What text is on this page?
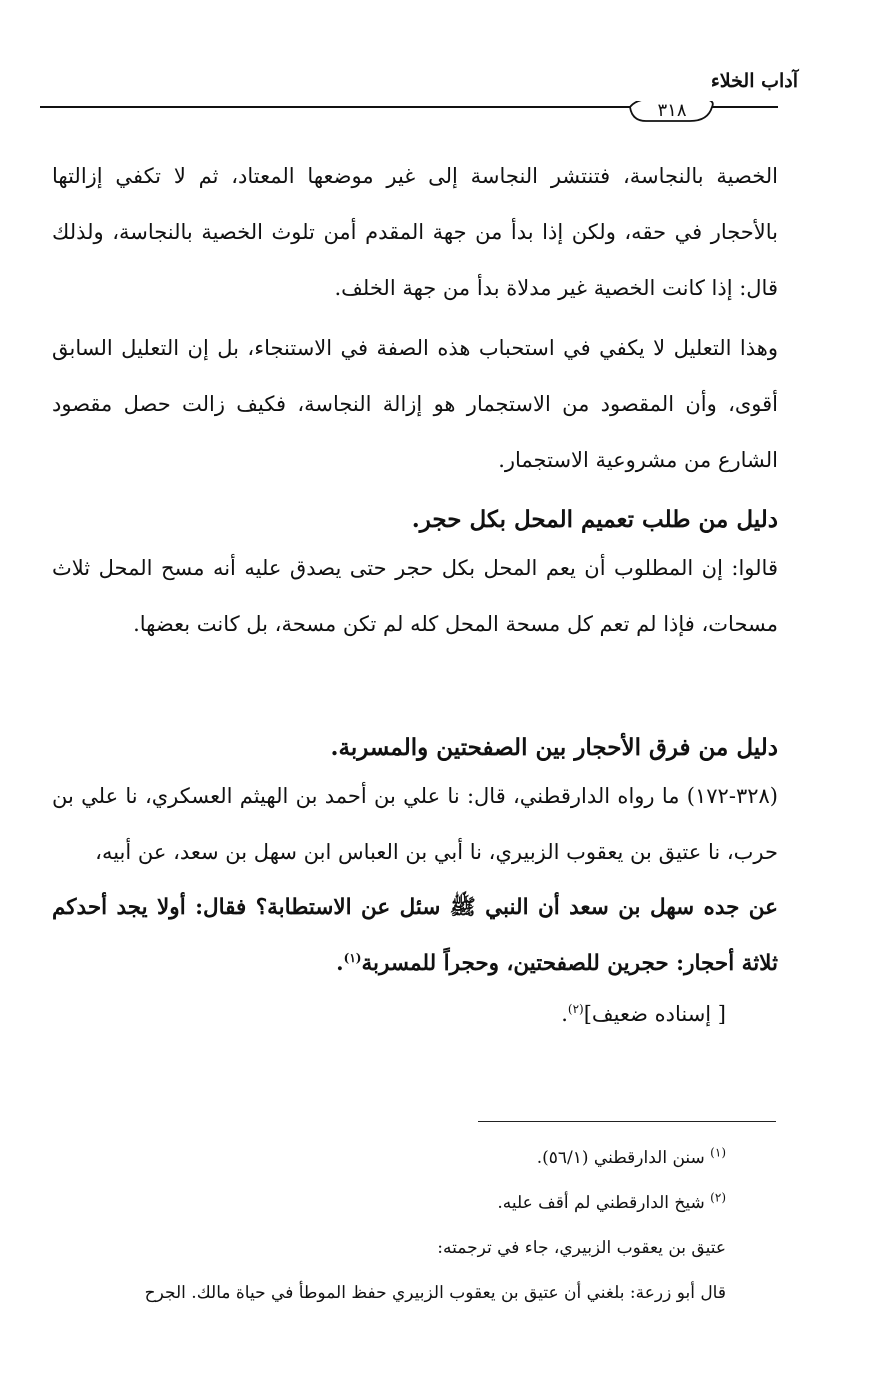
آداب الخلاء
٣١٨

الخصية بالنجاسة، فتنتشر النجاسة إلى غير موضعها المعتاد، ثم لا تكفي إزالتها بالأحجار في حقه، ولكن إذا بدأ من جهة المقدم أمن تلوث الخصية بالنجاسة، ولذلك قال: إذا كانت الخصية غير مدلاة بدأ من جهة الخلف.

وهذا التعليل لا يكفي في استحباب هذه الصفة في الاستنجاء، بل إن التعليل السابق أقوى، وأن المقصود من الاستجمار هو إزالة النجاسة، فكيف زالت حصل مقصود الشارع من مشروعية الاستجمار.

دليل من طلب تعميم المحل بكل حجر.

قالوا: إن المطلوب أن يعم المحل بكل حجر حتى يصدق عليه أنه مسح المحل ثلاث مسحات، فإذا لم تعم كل مسحة المحل كله لم تكن مسحة، بل كانت بعضها.

دليل من فرق الأحجار بين الصفحتين والمسربة.

(٣٢٨-١٧٢) ما رواه الدارقطني، قال: نا علي بن أحمد بن الهيثم العسكري، نا علي بن حرب، نا عتيق بن يعقوب الزبيري، نا أبي بن العباس ابن سهل بن سعد، عن أبيه،

عن جده سهل بن سعد أن النبي ﷺ سئل عن الاستطابة؟ فقال: أولا يجد أحدكم ثلاثة أحجار: حجرين للصفحتين، وحجراً للمسربة$^{(١)}$.

[ إسناده ضعيف]$^{(٢)}$.

$^{(١)}$ سنن الدارقطني (٥٦/١).

$^{(٢)}$ شيخ الدارقطني لم أقف عليه.

عتيق بن يعقوب الزبيري، جاء في ترجمته:

قال أبو زرعة: بلغني أن عتيق بن يعقوب الزبيري حفظ الموطأ في حياة مالك. الجرح
